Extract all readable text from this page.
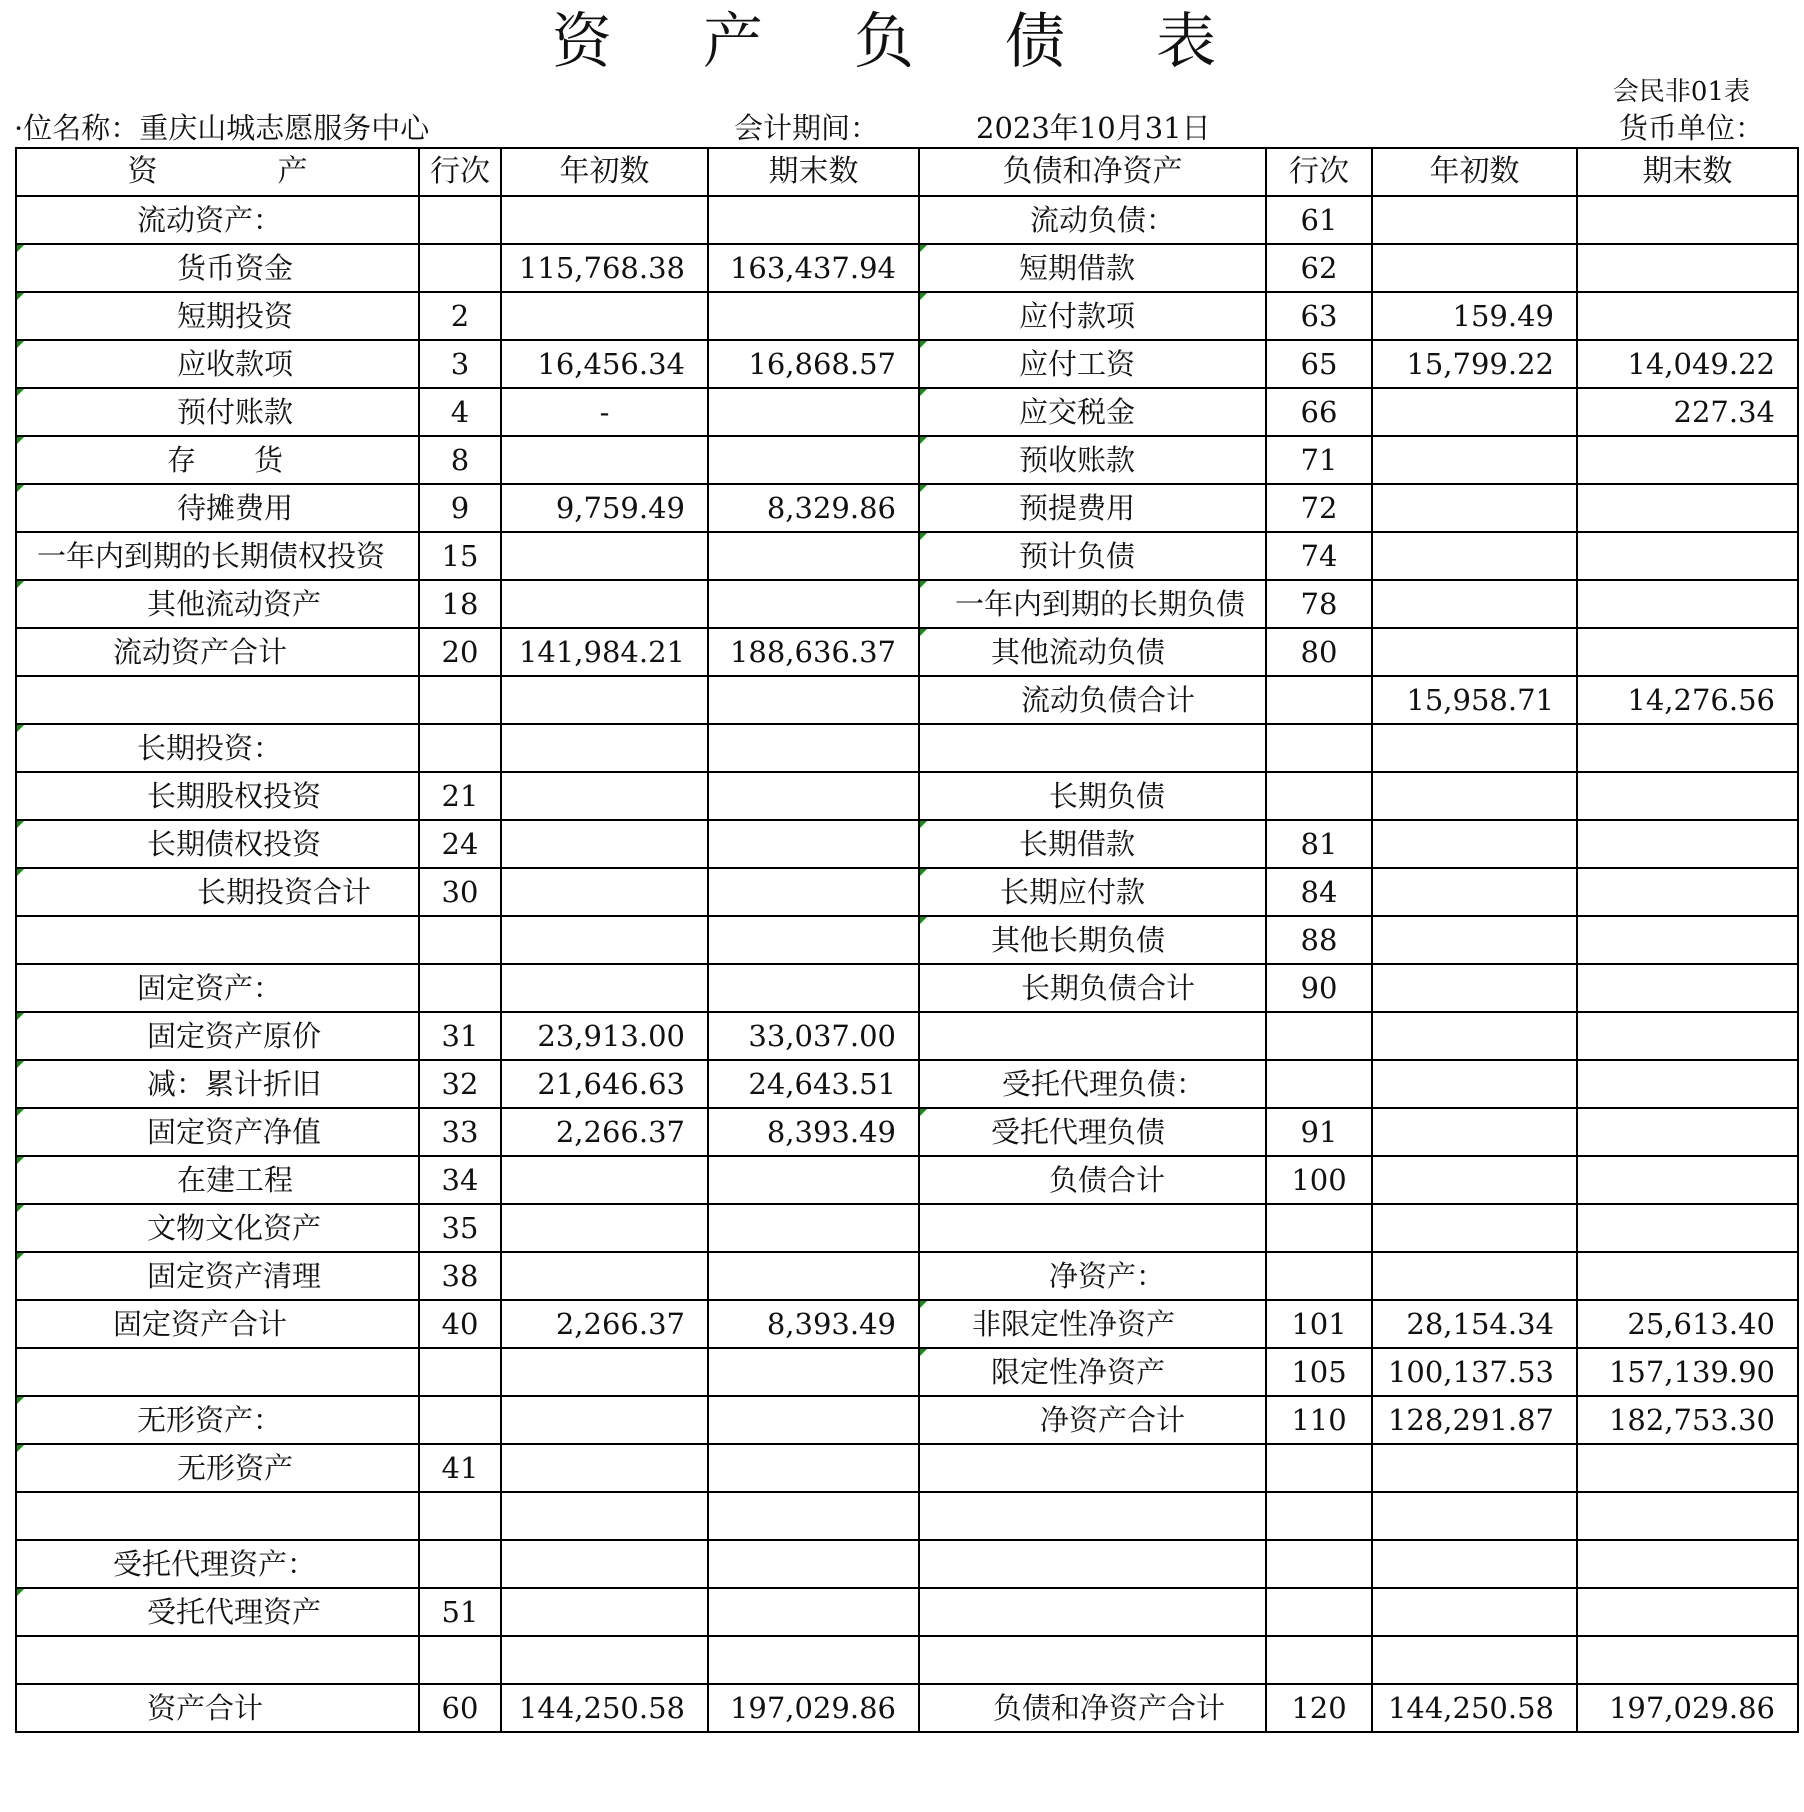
资 产 负 债 表
会民非01表
·位名称：重庆山城志愿服务中心	会计期间：	2023年10月31日	货币单位：
资　　　　产	行次	年初数	期末数	负债和净资产	行次	年初数	期末数
流动资产：				流动负债：	61		
货币资金		115,768.38	163,437.94	短期借款	62		
短期投资	2			应付款项	63	159.49	
应收款项	3	16,456.34	16,868.57	应付工资	65	15,799.22	14,049.22
预付账款	4	-		应交税金	66		227.34
存　　货	8			预收账款	71		
待摊费用	9	9,759.49	8,329.86	预提费用	72		
一年内到期的长期债权投资	15			预计负债	74		
其他流动资产	18			一年内到期的长期负债	78		
流动资产合计	20	141,984.21	188,636.37	其他流动负债	80		
				流动负债合计		15,958.71	14,276.56
长期投资：							
长期股权投资	21			长期负债			
长期债权投资	24			长期借款	81		
长期投资合计	30			长期应付款	84		
				其他长期负债	88		
固定资产：				长期负债合计	90		
固定资产原价	31	23,913.00	33,037.00				
减：累计折旧	32	21,646.63	24,643.51	受托代理负债：			
固定资产净值	33	2,266.37	8,393.49	受托代理负债	91		
在建工程	34			负债合计	100		
文物文化资产	35						
固定资产清理	38			净资产：			
固定资产合计	40	2,266.37	8,393.49	非限定性净资产	101	28,154.34	25,613.40
				限定性净资产	105	100,137.53	157,139.90
无形资产：				净资产合计	110	128,291.87	182,753.30
无形资产	41						

受托代理资产：							
受托代理资产	51						

资产合计	60	144,250.58	197,029.86	负债和净资产合计	120	144,250.58	197,029.86
